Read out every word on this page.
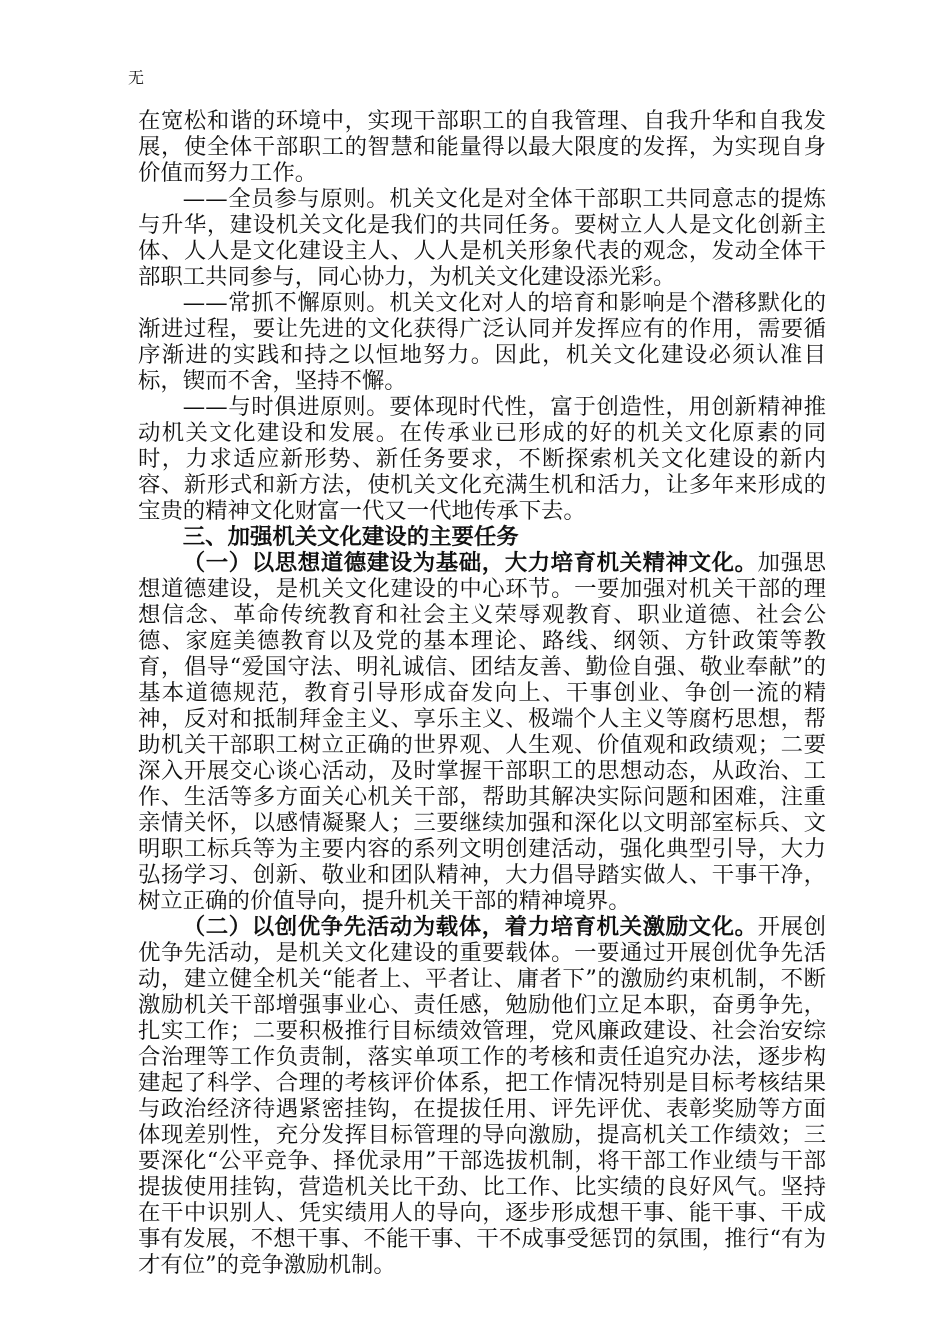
无

在宽松和谐的环境中，实现干部职工的自我管理、自我升华和自我发展，使全体干部职工的智慧和能量得以最大限度的发挥，为实现自身价值而努力工作。

——全员参与原则。机关文化是对全体干部职工共同意志的提炼与升华，建设机关文化是我们的共同任务。要树立人人是文化创新主体、人人是文化建设主人、人人是机关形象代表的观念，发动全体干部职工共同参与，同心协力，为机关文化建设添光彩。

——常抓不懈原则。机关文化对人的培育和影响是个潜移默化的渐进过程，要让先进的文化获得广泛认同并发挥应有的作用，需要循序渐进的实践和持之以恒地努力。因此，机关文化建设必须认准目标，锲而不舍，坚持不懈。

——与时俱进原则。要体现时代性，富于创造性，用创新精神推动机关文化建设和发展。在传承业已形成的好的机关文化原素的同时，力求适应新形势、新任务要求，不断探索机关文化建设的新内容、新形式和新方法，使机关文化充满生机和活力，让多年来形成的宝贵的精神文化财富一代又一代地传承下去。

三、加强机关文化建设的主要任务

（一）以思想道德建设为基础，大力培育机关精神文化。加强思想道德建设，是机关文化建设的中心环节。一要加强对机关干部的理想信念、革命传统教育和社会主义荣辱观教育、职业道德、社会公德、家庭美德教育以及党的基本理论、路线、纲领、方针政策等教育，倡导“爱国守法、明礼诚信、团结友善、勤俭自强、敬业奉献”的基本道德规范，教育引导形成奋发向上、干事创业、争创一流的精神，反对和抵制拜金主义、享乐主义、极端个人主义等腐朽思想，帮助机关干部职工树立正确的世界观、人生观、价值观和政绩观；二要深入开展交心谈心活动，及时掌握干部职工的思想动态，从政治、工作、生活等多方面关心机关干部，帮助其解决实际问题和困难，注重亲情关怀，以感情凝聚人；三要继续加强和深化以文明部室标兵、文明职工标兵等为主要内容的系列文明创建活动，强化典型引导，大力弘扬学习、创新、敬业和团队精神，大力倡导踏实做人、干事干净，树立正确的价值导向，提升机关干部的精神境界。

（二）以创优争先活动为载体，着力培育机关激励文化。开展创优争先活动，是机关文化建设的重要载体。一要通过开展创优争先活动，建立健全机关“能者上、平者让、庸者下”的激励约束机制，不断激励机关干部增强事业心、责任感，勉励他们立足本职，奋勇争先，扎实工作；二要积极推行目标绩效管理，党风廉政建设、社会治安综合治理等工作负责制，落实单项工作的考核和责任追究办法，逐步构建起了科学、合理的考核评价体系，把工作情况特别是目标考核结果与政治经济待遇紧密挂钩，在提拔任用、评先评优、表彰奖励等方面体现差别性，充分发挥目标管理的导向激励，提高机关工作绩效；三要深化“公平竞争、择优录用”干部选拔机制，将干部工作业绩与干部提拔使用挂钩，营造机关比干劲、比工作、比实绩的良好风气。坚持在干中识别人、凭实绩用人的导向，逐步形成想干事、能干事、干成事有发展，不想干事、不能干事、干不成事受惩罚的氛围，推行“有为才有位”的竞争激励机制。
